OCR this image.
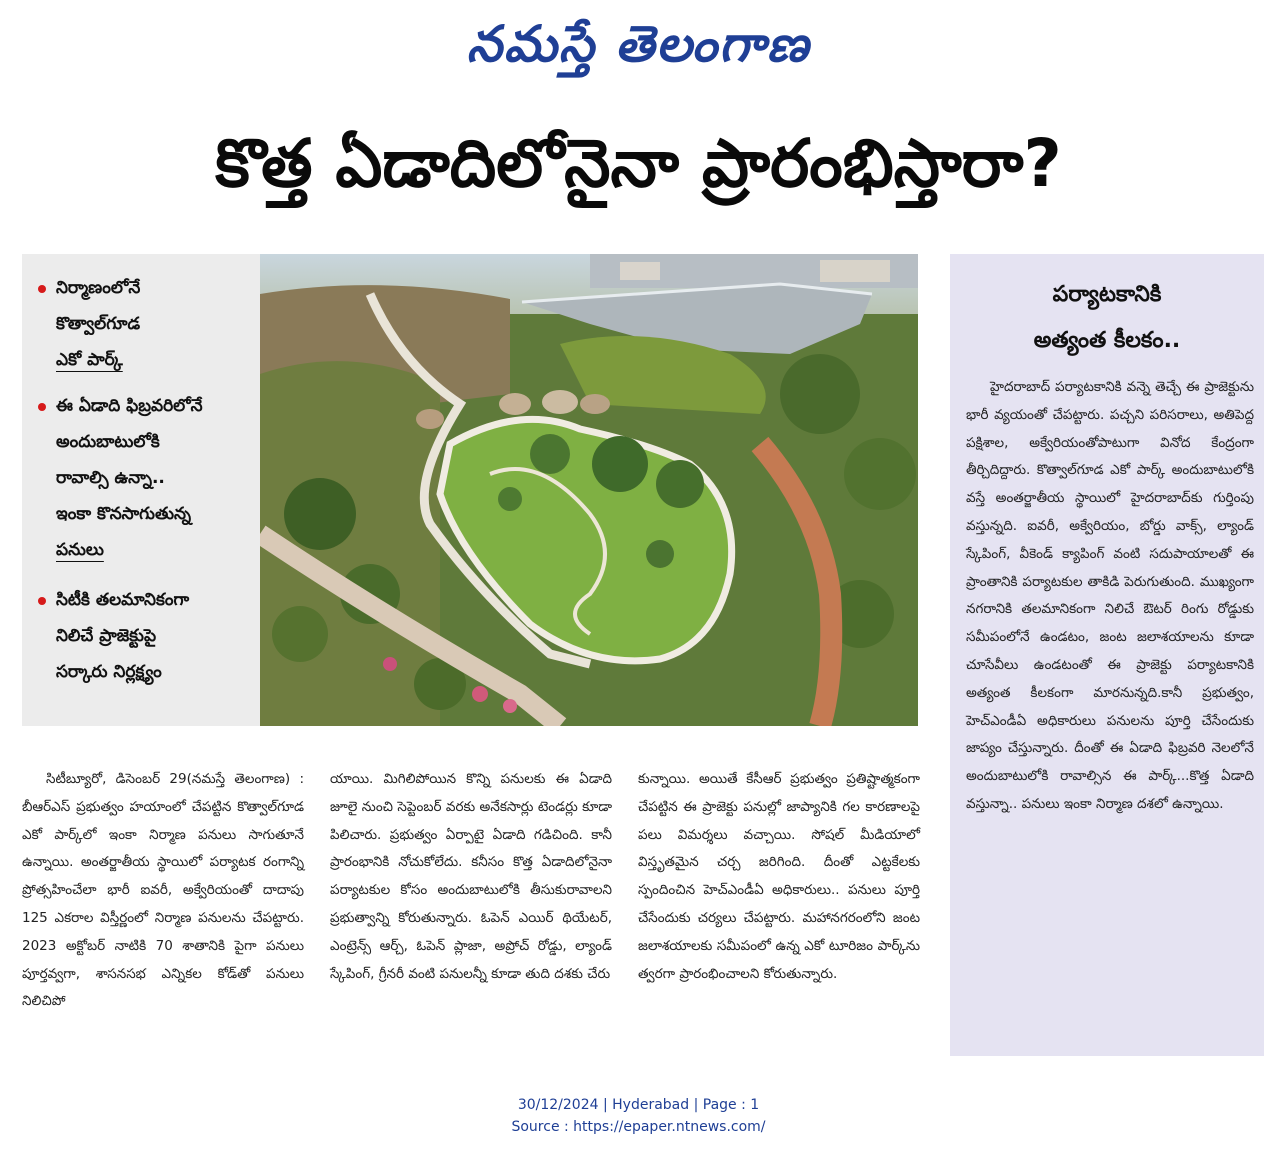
నమస్తే తెలంగాణ
కొత్త ఏడాదిలోనైనా ప్రారంభిస్తారా?
నిర్మాణంలోనే
కొత్వాల్‌గూడ
ఎకో పార్క్
ఈ ఏడాది ఫిబ్రవరిలోనే
అందుబాటులోకి
రావాల్సి ఉన్నా..
ఇంకా కొనసాగుతున్న
పనులు
సిటీకి తలమానికంగా
నిలిచే ప్రాజెక్టుపై
సర్కారు నిర్లక్ష్యం
పర్యాటకానికి
అత్యంత కీలకం..
హైదరాబాద్ పర్యాటకానికి వన్నె తెచ్చే ఈ ప్రాజెక్టును భారీ వ్యయంతో చేపట్టారు. పచ్చని పరిసరాలు, అతిపెద్ద పక్షిశాల, అక్వేరియంతోపాటుగా వినోద కేంద్రంగా తీర్చిదిద్దారు. కొత్వాల్‌గూడ ఎకో పార్క్ అందుబాటులోకి వస్తే అంతర్జాతీయ స్థాయిలో హైదరాబాద్‌కు గుర్తింపు వస్తున్నది. ఐవరీ, అక్వేరియం, బోర్డు వాక్స్, ల్యాండ్ స్కేపింగ్, వీకెండ్ క్యాపింగ్ వంటి సదుపాయాలతో ఈ ప్రాంతానికి పర్యాటకుల తాకిడి పెరుగుతుంది. ముఖ్యంగా నగరానికి తలమానికంగా నిలిచే ఔటర్ రింగు రోడ్డుకు సమీపంలోనే ఉండటం, జంట జలాశయాలను కూడా చూసేవీలు ఉండటంతో ఈ ప్రాజెక్టు పర్యాటకానికి అత్యంత కీలకంగా మారనున్నది.కానీ ప్రభుత్వం, హెచ్‌ఎండీఏ అధికారులు పనులను పూర్తి చేసేందుకు జాప్యం చేస్తున్నారు. దీంతో ఈ ఏడాది ఫిబ్రవరి నెలలోనే అందుబాటులోకి రావాల్సిన ఈ పార్క్...కొత్త ఏడాది వస్తున్నా.. పనులు ఇంకా నిర్మాణ దశలో ఉన్నాయి.
సిటీబ్యూరో, డిసెంబర్ 29(నమస్తే తెలంగాణ) : బీఆర్‌ఎస్ ప్రభుత్వం హయాంలో చేపట్టిన కొత్వాల్‌గూడ ఎకో పార్క్‌లో ఇంకా నిర్మాణ పనులు సాగుతూనే ఉన్నాయి. అంతర్జాతీయ స్థాయిలో పర్యాటక రంగాన్ని ప్రోత్సహించేలా భారీ ఐవరీ, అక్వేరియంతో దాదాపు 125 ఎకరాల విస్తీర్ణంలో నిర్మాణ పనులను చేపట్టారు. 2023 అక్టోబర్ నాటికి 70 శాతానికి పైగా పనులు పూర్తవ్వగా, శాసనసభ ఎన్నికల కోడ్‌తో పనులు నిలిచిపో
యాయి. మిగిలిపోయిన కొన్ని పనులకు ఈ ఏడాది జూలై నుంచి సెప్టెంబర్ వరకు అనేకసార్లు టెండర్లు కూడా పిలిచారు. ప్రభుత్వం ఏర్పాటై ఏడాది గడిచింది. కానీ ప్రారంభానికి నోచుకోలేదు. కనీసం కొత్త ఏడాదిలోనైనా పర్యాటకుల కోసం అందుబాటులోకి తీసుకురావాలని ప్రభుత్వాన్ని కోరుతున్నారు. ఓపెన్ ఎయిర్ థియేటర్, ఎంట్రెన్స్ ఆర్చ్, ఓపెన్ ప్లాజా, అప్రోచ్ రోడ్డు, ల్యాండ్ స్కేపింగ్, గ్రీనరీ వంటి పనులన్నీ కూడా తుది దశకు చేరు
కున్నాయి. అయితే కేసీఆర్ ప్రభుత్వం ప్రతిష్టాత్మకంగా చేపట్టిన ఈ ప్రాజెక్టు పనుల్లో జాప్యానికి గల కారణాలపై పలు విమర్శలు వచ్చాయి. సోషల్ మీడియాలో విస్తృతమైన చర్చ జరిగింది. దీంతో ఎట్టకేలకు స్పందించిన హెచ్‌ఎండీఏ అధికారులు.. పనులు పూర్తి చేసేందుకు చర్యలు చేపట్టారు. మహానగరంలోని జంట జలాశయాలకు సమీపంలో ఉన్న ఎకో టూరిజం పార్క్‌ను త్వరగా ప్రారంభించాలని కోరుతున్నారు.
30/12/2024 | Hyderabad | Page : 1
Source : https://epaper.ntnews.com/
